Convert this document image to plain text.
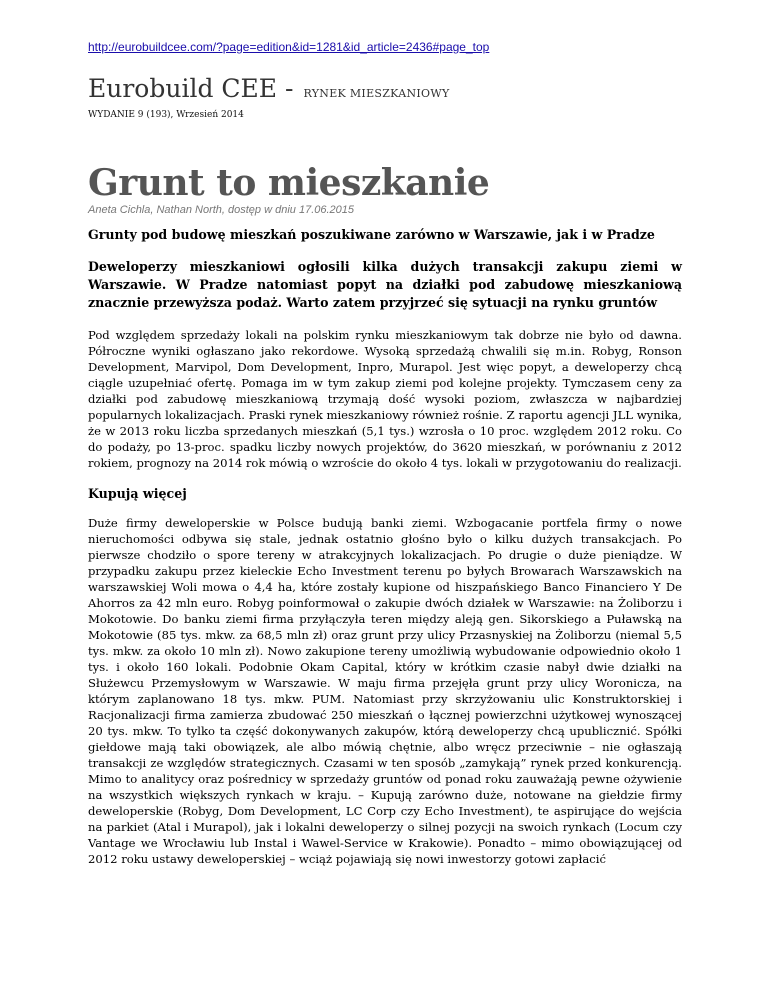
http://eurobuildcee.com/?page=edition&id=1281&id_article=2436#page_top
Eurobuild CEE - RYNEK MIESZKANIOWY
WYDANIE 9 (193), Wrzesień 2014
Grunt to mieszkanie
Aneta Cichla, Nathan North, dostęp w dniu 17.06.2015

Grunty pod budowę mieszkań poszukiwane zarówno w Warszawie, jak i w Pradze

Deweloperzy mieszkaniowi ogłosili kilka dużych transakcji zakupu ziemi w Warszawie. W Pradze natomiast popyt na działki pod zabudowę mieszkaniową znacznie przewyższa podaż. Warto zatem przyjrzeć się sytuacji na rynku gruntów

Pod względem sprzedaży lokali na polskim rynku mieszkaniowym tak dobrze nie było od dawna. Półroczne wyniki ogłaszano jako rekordowe. Wysoką sprzedażą chwalili się m.in. Robyg, Ronson Development, Marvipol, Dom Development, Inpro, Murapol. Jest więc popyt, a deweloperzy chcą ciągle uzupełniać ofertę. Pomaga im w tym zakup ziemi pod kolejne projekty. Tymczasem ceny za działki pod zabudowę mieszkaniową trzymają dość wysoki poziom, zwłaszcza w najbardziej popularnych lokalizacjach. Praski rynek mieszkaniowy również rośnie. Z raportu agencji JLL wynika, że w 2013 roku liczba sprzedanych mieszkań (5,1 tys.) wzrosła o 10 proc. względem 2012 roku. Co do podaży, po 13-proc. spadku liczby nowych projektów, do 3620 mieszkań, w porównaniu z 2012 rokiem, prognozy na 2014 rok mówią o wzroście do około 4 tys. lokali w przygotowaniu do realizacji.

Kupują więcej

Duże firmy deweloperskie w Polsce budują banki ziemi. Wzbogacanie portfela firmy o nowe nieruchomości odbywa się stale, jednak ostatnio głośno było o kilku dużych transakcjach. Po pierwsze chodziło o spore tereny w atrakcyjnych lokalizacjach. Po drugie o duże pieniądze. W przypadku zakupu przez kieleckie Echo Investment terenu po byłych Browarach Warszawskich na warszawskiej Woli mowa o 4,4 ha, które zostały kupione od hiszpańskiego Banco Financiero Y De Ahorros za 42 mln euro. Robyg poinformował o zakupie dwóch działek w Warszawie: na Żoliborzu i Mokotowie. Do banku ziemi firma przyłączyła teren między aleją gen. Sikorskiego a Puławską na Mokotowie (85 tys. mkw. za 68,5 mln zł) oraz grunt przy ulicy Przasnyskiej na Żoliborzu (niemal 5,5 tys. mkw. za około 10 mln zł). Nowo zakupione tereny umożliwią wybudowanie odpowiednio około 1 tys. i około 160 lokali. Podobnie Okam Capital, który w krótkim czasie nabył dwie działki na Służewcu Przemysłowym w Warszawie. W maju firma przejęła grunt przy ulicy Woronicza, na którym zaplanowano 18 tys. mkw. PUM. Natomiast przy skrzyżowaniu ulic Konstruktorskiej i Racjonalizacji firma zamierza zbudować 250 mieszkań o łącznej powierzchni użytkowej wynoszącej 20 tys. mkw. To tylko ta część dokonywanych zakupów, którą deweloperzy chcą upublicznić. Spółki giełdowe mają taki obowiązek, ale albo mówią chętnie, albo wręcz przeciwnie – nie ogłaszają transakcji ze względów strategicznych. Czasami w ten sposób „zamykają” rynek przed konkurencją. Mimo to analitycy oraz pośrednicy w sprzedaży gruntów od ponad roku zauważają pewne ożywienie na wszystkich większych rynkach w kraju. – Kupują zarówno duże, notowane na giełdzie firmy deweloperskie (Robyg, Dom Development, LC Corp czy Echo Investment), te aspirujące do wejścia na parkiet (Atal i Murapol), jak i lokalni deweloperzy o silnej pozycji na swoich rynkach (Locum czy Vantage we Wrocławiu lub Instal i Wawel-Service w Krakowie). Ponadto – mimo obowiązującej od 2012 roku ustawy deweloperskiej – wciąż pojawiają się nowi inwestorzy gotowi zapłacić
